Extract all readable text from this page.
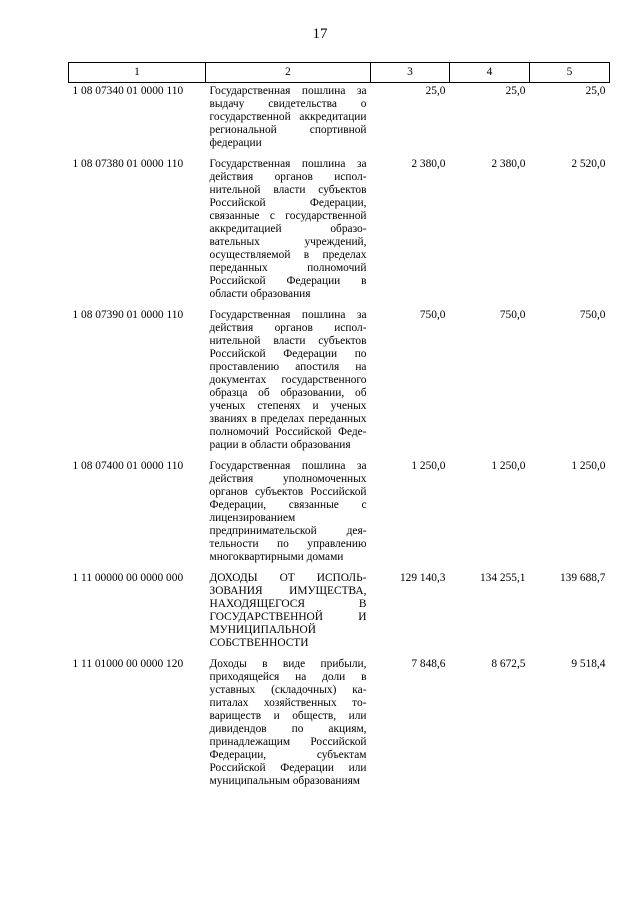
17
1	2	3	4	5
1 08 07340 01 0000 110	Государственная пошлина за выдачу свидетельства о государственной аккредитации региональной спортивной федерации	25,0	25,0	25,0
1 08 07380 01 0000 110	Государственная пошлина за действия органов исполнительной власти субъектов Российской Федерации, связанные с государственной аккредитацией образовательных учреждений, осуществляемой в пределах переданных полномочий Российской Федерации в области образования	2 380,0	2 380,0	2 520,0
1 08 07390 01 0000 110	Государственная пошлина за действия органов исполнительной власти субъектов Российской Федерации по проставлению апостиля на документах государственного образца об образовании, об ученых степенях и ученых званиях в пределах переданных полномочий Российской Федерации в области образования	750,0	750,0	750,0
1 08 07400 01 0000 110	Государственная пошлина за действия уполномоченных органов субъектов Российской Федерации, связанные с лицензированием предпринимательской деятельности по управлению многоквартирными домами	1 250,0	1 250,0	1 250,0
1 11 00000 00 0000 000	ДОХОДЫ ОТ ИСПОЛЬЗОВАНИЯ ИМУЩЕСТВА, НАХОДЯЩЕГОСЯ В ГОСУДАРСТВЕННОЙ И МУНИЦИПАЛЬНОЙ СОБСТВЕННОСТИ	129 140,3	134 255,1	139 688,7
1 11 01000 00 0000 120	Доходы в виде прибыли, приходящейся на доли в уставных (складочных) капиталах хозяйственных товариществ и обществ, или дивидендов по акциям, принадлежащим Российской Федерации, субъектам Российской Федерации или муниципальным образованиям	7 848,6	8 672,5	9 518,4
